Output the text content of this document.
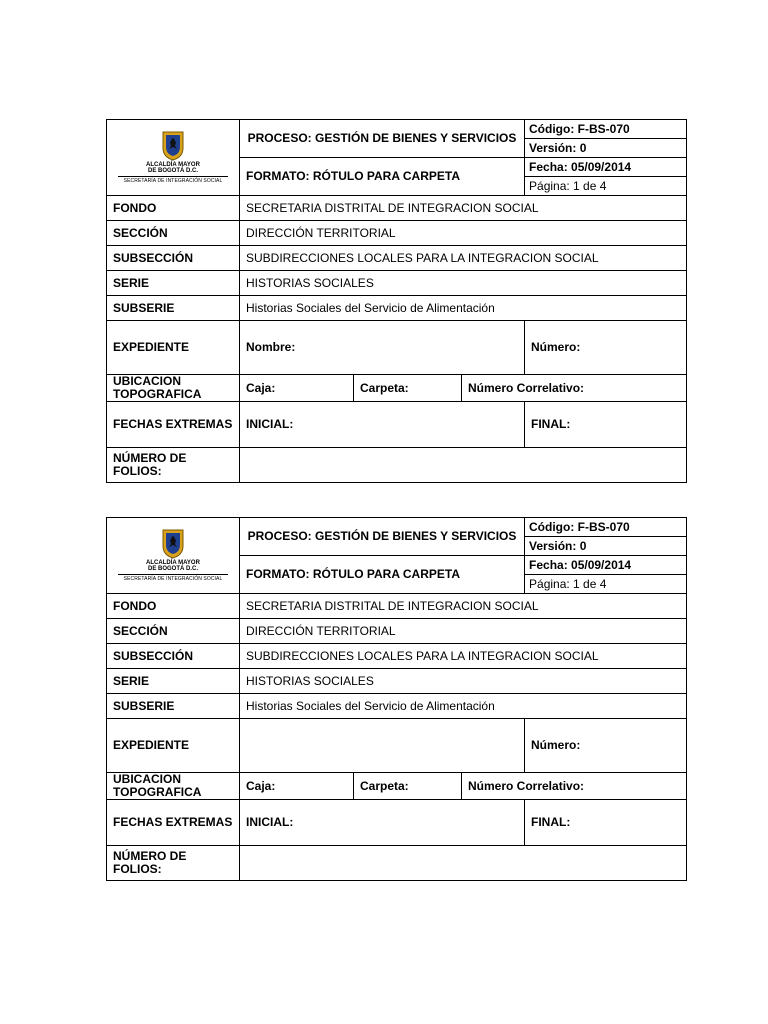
ALCALDÍA MAYOR
DE BOGOTÁ D.C.
SECRETARÍA DE INTEGRACIÓN SOCIAL	PROCESO: GESTIÓN DE BIENES Y SERVICIOS			Código: F-BS-070
				Versión: 0
	FORMATO: RÓTULO PARA CARPETA			Fecha: 05/09/2014
				Página: 1 de 4
FONDO	SECRETARIA DISTRITAL DE INTEGRACION SOCIAL			
SECCIÓN	DIRECCIÓN TERRITORIAL			
SUBSECCIÓN	SUBDIRECCIONES LOCALES PARA LA INTEGRACION SOCIAL			
SERIE	HISTORIAS SOCIALES			
SUBSERIE	Historias Sociales del Servicio de Alimentación			
EXPEDIENTE	Nombre:			Número:

UBICACION
TOPOGRAFICA	Caja:	Carpeta:	Número Correlativo:	
FECHAS EXTREMAS	INICIAL:			FINAL:
NÚMERO DE FOLIOS:				
ALCALDÍA MAYOR
DE BOGOTÁ D.C.
SECRETARÍA DE INTEGRACIÓN SOCIAL	PROCESO: GESTIÓN DE BIENES Y SERVICIOS			Código: F-BS-070
				Versión: 0
	FORMATO: RÓTULO PARA CARPETA			Fecha: 05/09/2014
				Página: 1 de 4
FONDO	SECRETARIA DISTRITAL DE INTEGRACION SOCIAL			
SECCIÓN	DIRECCIÓN TERRITORIAL			
SUBSECCIÓN	SUBDIRECCIONES LOCALES PARA LA INTEGRACION SOCIAL			
SERIE	HISTORIAS SOCIALES			
SUBSERIE	Historias Sociales del Servicio de Alimentación			
EXPEDIENTE				Número:

UBICACION
TOPOGRAFICA	Caja:	Carpeta:	Número Correlativo:	
FECHAS EXTREMAS	INICIAL:			FINAL:

NÚMERO DE
FOLIOS:				
